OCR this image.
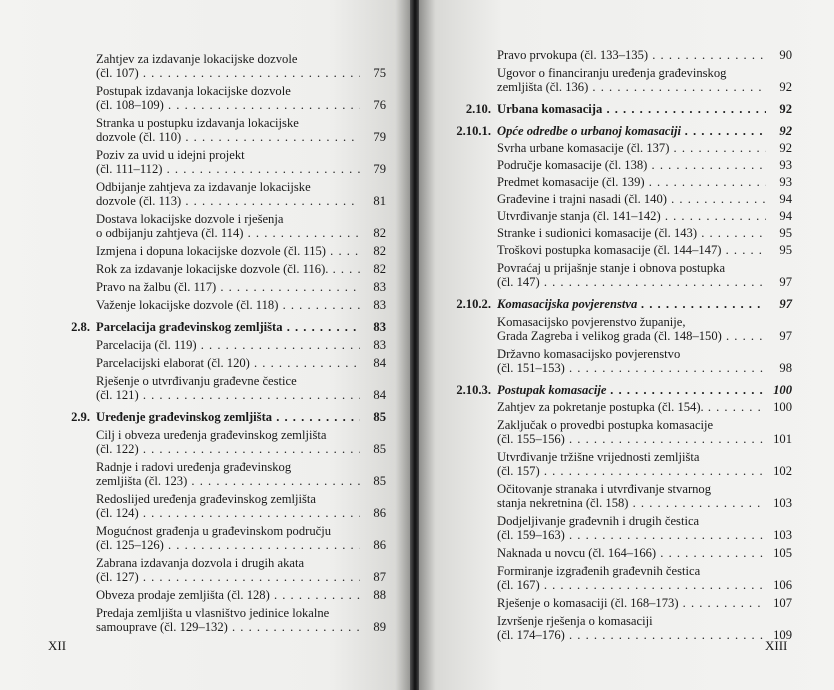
Zahtjev za izdavanje lokacijske dozvole
(čl. 107) . . .	75
Postupak izdavanja lokacijske dozvole
(čl. 108–109) . . .	76
Stranka u postupku izdavanja lokacijske
dozvole (čl. 110) . . .	79
Poziv za uvid u idejni projekt
(čl. 111–112) . . .	79
Odbijanje zahtjeva za izdavanje lokacijske
dozvole (čl. 113) . . .	81
Dostava lokacijske dozvole i rješenja
o odbijanju zahtjeva (čl. 114) . . .	82
Izmjena i dopuna lokacijske dozvole (čl. 115) . . .	82
Rok za izdavanje lokacijske dozvole (čl. 116). . . .	82
Pravo na žalbu (čl. 117) . . .	83
Važenje lokacijske dozvole (čl. 118) . . .	83
2.8. Parcelacija građevinskog zemljišta . . .	83
Parcelacija (čl. 119) . . .	83
Parcelacijski elaborat (čl. 120) . . .	84
Rješenje o utvrđivanju građevne čestice
(čl. 121) . . .	84
2.9. Uređenje građevinskog zemljišta . . .	85
Cilj i obveza uređenja građevinskog zemljišta
(čl. 122) . . .	85
Radnje i radovi uređenja građevinskog
zemljišta (čl. 123) . . .	85
Redoslijed uređenja građevinskog zemljišta
(čl. 124) . . .	86
Mogućnost građenja u građevinskom području
(čl. 125–126) . . .	86
Zabrana izdavanja dozvola i drugih akata
(čl. 127) . . .	87
Obveza prodaje zemljišta (čl. 128) . . .	88
Predaja zemljišta u vlasništvo jedinice lokalne
samouprave (čl. 129–132) . . .	89
XII
Pravo prvokupa (čl. 133–135) . . .	90
Ugovor o financiranju uređenja građevinskog
zemljišta (čl. 136) . . .	92
2.10. Urbana komasacija . . .	92
2.10.1. Opće odredbe o urbanoj komasaciji . . .	92
Svrha urbane komasacije (čl. 137) . . .	92
Područje komasacije (čl. 138) . . .	93
Predmet komasacije (čl. 139) . . .	93
Građevine i trajni nasadi (čl. 140) . . .	94
Utvrđivanje stanja (čl. 141–142) . . .	94
Stranke i sudionici komasacije (čl. 143) . . .	95
Troškovi postupka komasacije (čl. 144–147) . . .	95
Povraćaj u prijašnje stanje i obnova postupka
(čl. 147) . . .	97
2.10.2. Komasacijska povjerenstva . . .	97
Komasacijsko povjerenstvo županije,
Grada Zagreba i velikog grada (čl. 148–150) . . .	97
Državno komasacijsko povjerenstvo
(čl. 151–153) . . .	98
2.10.3. Postupak komasacije . . .	100
Zahtjev za pokretanje postupka (čl. 154). . . .	100
Zaključak o provedbi postupka komasacije
(čl. 155–156) . . .	101
Utvrđivanje tržišne vrijednosti zemljišta
(čl. 157) . . .	102
Očitovanje stranaka i utvrđivanje stvarnog
stanja nekretnina (čl. 158) . . .	103
Dodjeljivanje građevnih i drugih čestica
(čl. 159–163) . . .	103
Naknada u novcu (čl. 164–166) . . .	105
Formiranje izgrađenih građevnih čestica
(čl. 167) . . .	106
Rješenje o komasaciji (čl. 168–173) . . .	107
Izvršenje rješenja o komasaciji
(čl. 174–176) . . .	109
XIII
